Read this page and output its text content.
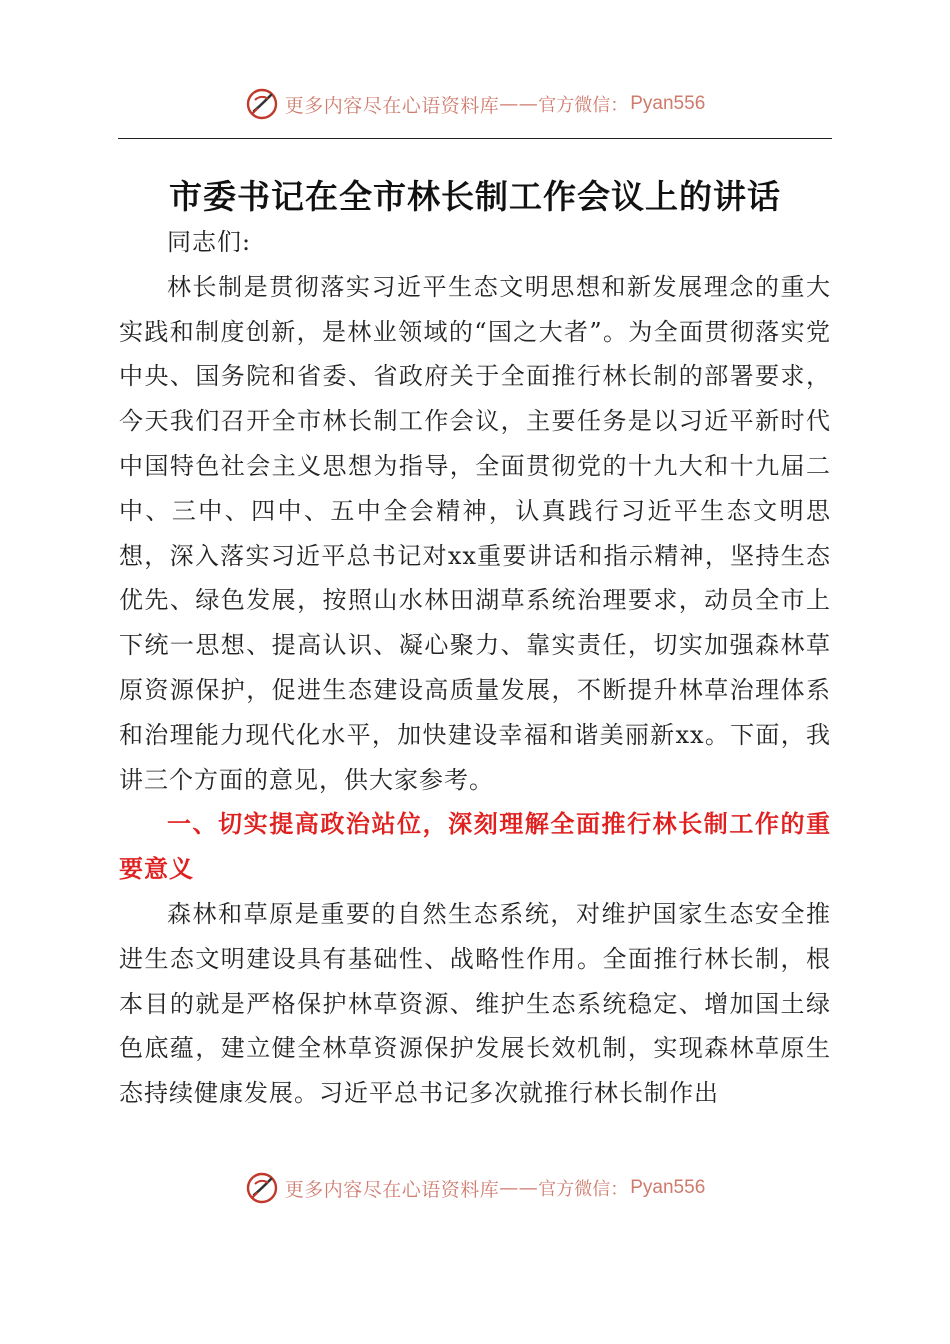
更多内容尽在心语资料库 —— 官方微信： Pyan556
市委书记在全市林长制工作会议上的讲话

同志们:

林长制是贯彻落实习近平生态文明思想和新发展理念的重大实践和制度创新，是林业领域的“国之大者”。为全面贯彻落实党中央、国务院和省委、省政府关于全面推行林长制的部署要求，今天我们召开全市林长制工作会议，主要任务是以习近平新时代中国特色社会主义思想为指导，全面贯彻党的十九大和十九届二中、三中、四中、五中全会精神，认真践行习近平生态文明思想，深入落实习近平总书记对xx重要讲话和指示精神，坚持生态优先、绿色发展，按照山水林田湖草系统治理要求，动员全市上下统一思想、提高认识、凝心聚力、靠实责任，切实加强森林草原资源保护，促进生态建设高质量发展，不断提升林草治理体系和治理能力现代化水平，加快建设幸福和谐美丽新xx。下面，我讲三个方面的意见，供大家参考。

一、切实提高政治站位，深刻理解全面推行林长制工作的重要意义

森林和草原是重要的自然生态系统，对维护国家生态安全推进生态文明建设具有基础性、战略性作用。全面推行林长制，根本目的就是严格保护林草资源、维护生态系统稳定、增加国土绿色底蕴，建立健全林草资源保护发展长效机制，实现森林草原生态持续健康发展。习近平总书记多次就推行林长制作出

更多内容尽在心语资料库 —— 官方微信： Pyan556
